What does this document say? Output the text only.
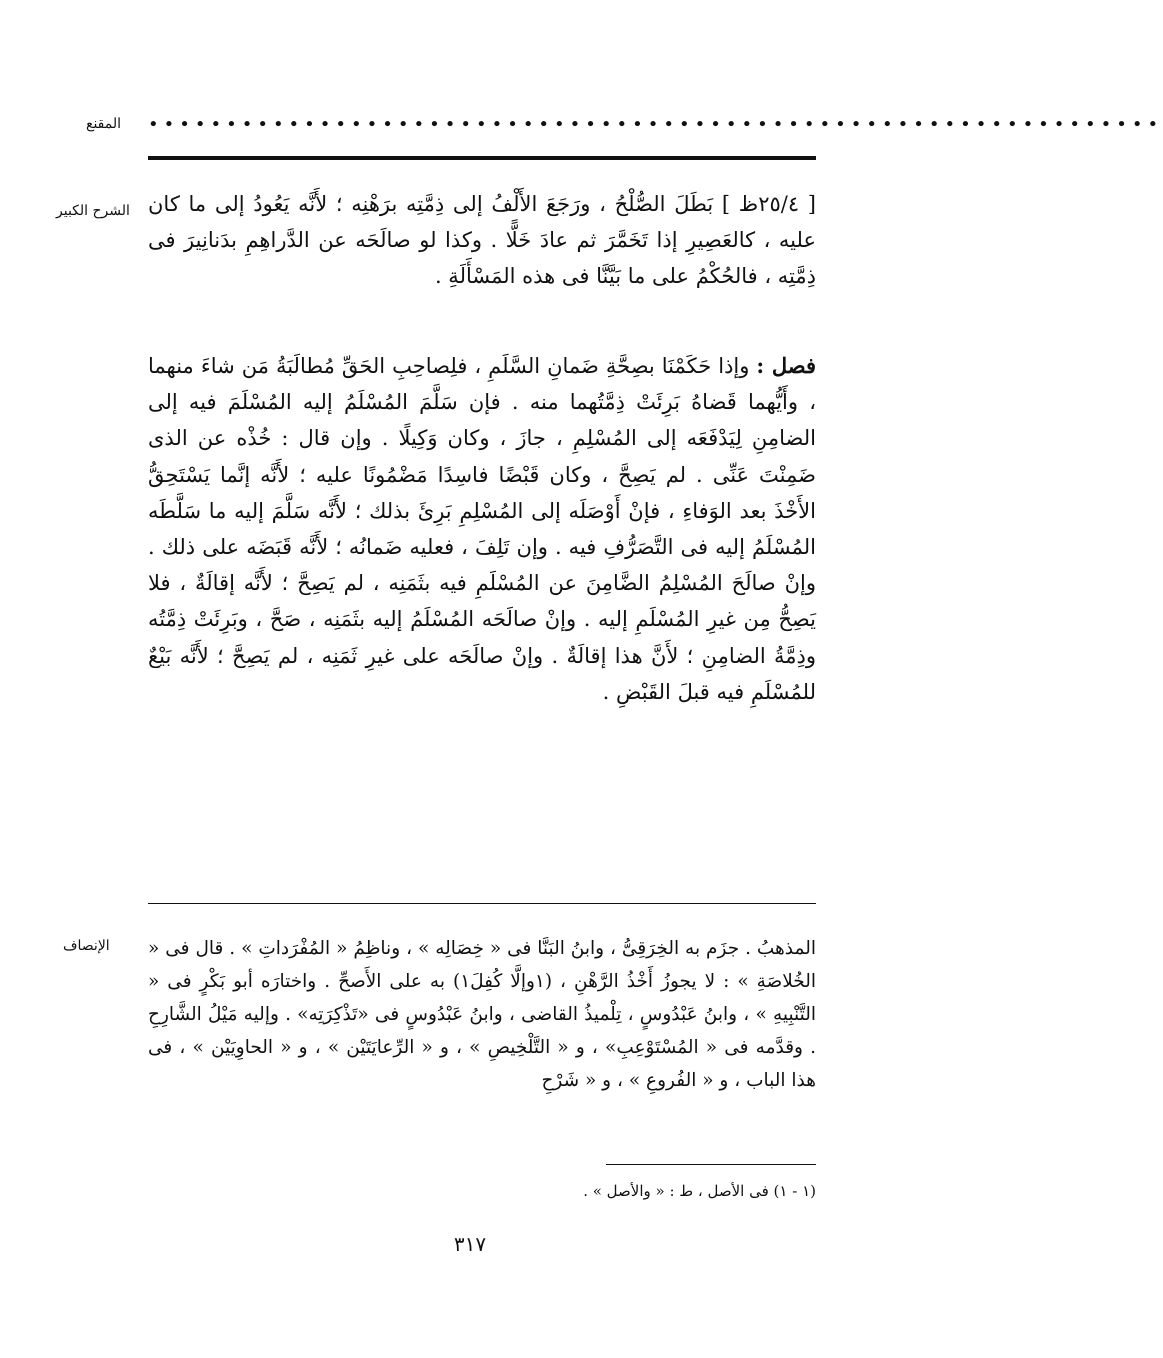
المقنع •••••••••••••••••••••••••••••••••••••••••••••••••••••••••••••••••
الشرح الكبير	[ ٢٥/٤ظ ] بَطَلَ الصُّلْحُ ، ورَجَعَ الأَلْفُ إلى ذِمَّتِه برَهْنِه ؛ لأَنَّه يَعُودُ إلى ما كان عليه ، كالعَصِيرِ إذا تَخَمَّرَ ثم عادَ خَلًّا . وكذا لو صالَحَه عن الدَّراهِمِ بدَنانِيرَ فى ذِمَّتِه ، فالحُكْمُ على ما بَيَّنَّا فى هذه المَسْأَلَةِ .

فصل : وإذا حَكَمْنَا بصِحَّةِ ضَمانِ السَّلَمِ ، فلِصاحِبِ الحَقِّ مُطالَبَةُ مَن شاءَ منهما ، وأَيُّهما قَضاهُ بَرِئَتْ ذِمَّتُهما منه . فإن سَلَّمَ المُسْلَمُ إليه المُسْلَمَ فيه إلى الضامِنِ لِيَدْفَعَه إلى المُسْلِمِ ، جازَ ، وكان وَكِيلًا . وإن قال : خُذْه عن الذى ضَمِنْتَ عَنِّى . لم يَصِحَّ ، وكان قَبْضًا فاسِدًا مَضْمُونًا عليه ؛ لأَنَّه إنَّما يَسْتَحِقُّ الأَخْذَ بعد الوَفاءِ ، فإنْ أَوْصَلَه إلى المُسْلِمِ بَرِئَ بذلك ؛ لأَنَّه سَلَّمَ إليه ما سَلَّطَه المُسْلَمُ إليه فى التَّصَرُّفِ فيه . وإن تَلِفَ ، فعليه ضَمانُه ؛ لأَنَّه قَبَضَه على ذلك . وإنْ صالَحَ المُسْلِمُ الضَّامِنَ عن المُسْلَمِ فيه بثَمَنِه ، لم يَصِحَّ ؛ لأَنَّه إقالَةٌ ، فلا يَصِحُّ مِن غيرِ المُسْلَمِ إليه . وإنْ صالَحَه المُسْلَمُ إليه بثَمَنِه ، صَحَّ ، وبَرِئَتْ ذِمَّتُه وذِمَّةُ الضامِنِ ؛ لأَنَّ هذا إقالَةٌ . وإنْ صالَحَه على غيرِ ثَمَنِه ، لم يَصِحَّ ؛ لأَنَّه بَيْعٌ للمُسْلَمِ فيه قبلَ القَبْضِ .

الإنصاف المذهبُ . جزَم به الخِرَقِىُّ ، وابنُ البَنَّا فى « خِصَالِه » ، وناظِمُ « المُفْرَداتِ » . قال فى « الخُلاصَةِ » : لا يجوزُ أَخْذُ الرَّهْنِ ، (١وإلَّا كُفِلَ١) به على الأَصحِّ . واختارَه أبو بَكْرٍ فى « التَّنْبِيهِ » ، وابنُ عَبْدُوسٍ ، تِلْميذُ القاضى ، وابنُ عَبْدُوسٍ فى «تَذْكِرَتِه» . وإليه مَيْلُ الشَّارِحِ . وقدَّمه فى « المُسْتَوْعِبِ» ، و « التَّلْخِيصِ » ، و « الرِّعايَتَيْن » ، و « الحاوِيَيْن » ، فى هذا الباب ، و « الفُروعِ » ، و « شَرْحِ

(١ - ١) فى الأصل ، ط : « والأصل » .
٣١٧
